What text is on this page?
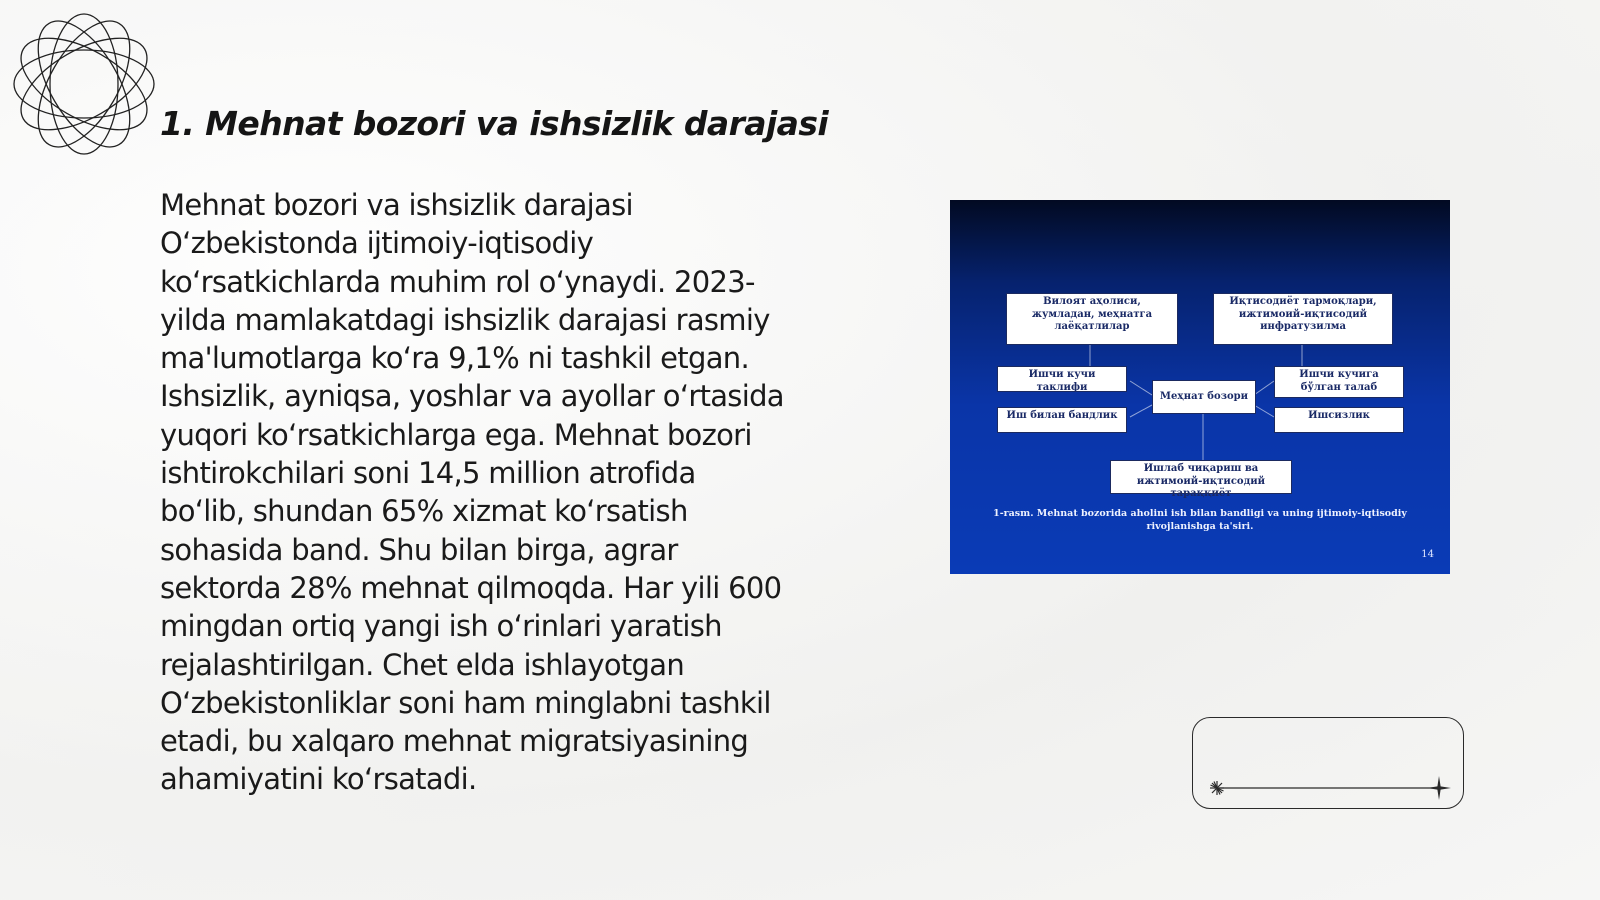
1. Mehnat bozori va ishsizlik darajasi

Mehnat bozori va ishsizlik darajasi
O‘zbekistonda ijtimoiy-iqtisodiy
ko‘rsatkichlarda muhim rol o‘ynaydi. 2023-
yilda mamlakatdagi ishsizlik darajasi rasmiy
ma'lumotlarga ko‘ra 9,1% ni tashkil etgan.
Ishsizlik, ayniqsa, yoshlar va ayollar o‘rtasida
yuqori ko‘rsatkichlarga ega. Mehnat bozori
ishtirokchilari soni 14,5 million atrofida
bo‘lib, shundan 65% xizmat ko‘rsatish
sohasida band. Shu bilan birga, agrar
sektorda 28% mehnat qilmoqda. Har yili 600
mingdan ortiq yangi ish o‘rinlari yaratish
rejalashtirilgan. Chet elda ishlayotgan
O‘zbekistonliklar soni ham minglabni tashkil
etadi, bu xalqaro mehnat migratsiyasining
ahamiyatini ko‘rsatadi.

Вилоят аҳолиси, жумладан, меҳнатга лаёқатлилар
Иқтисодиёт тармоқлари, ижтимоий-иқтисодий инфратузилма
Ишчи кучи таклифи
Меҳнат бозори
Ишчи кучига бўлган талаб
Иш билан бандлик	Ишсизлик
Ишлаб чиқариш ва ижтимоий-иқтисодий тараққиёт
1-rasm. Mehnat bozorida aholini ish bilan bandligi va uning ijtimoiy-iqtisodiy rivojlanishga ta'siri.
14
